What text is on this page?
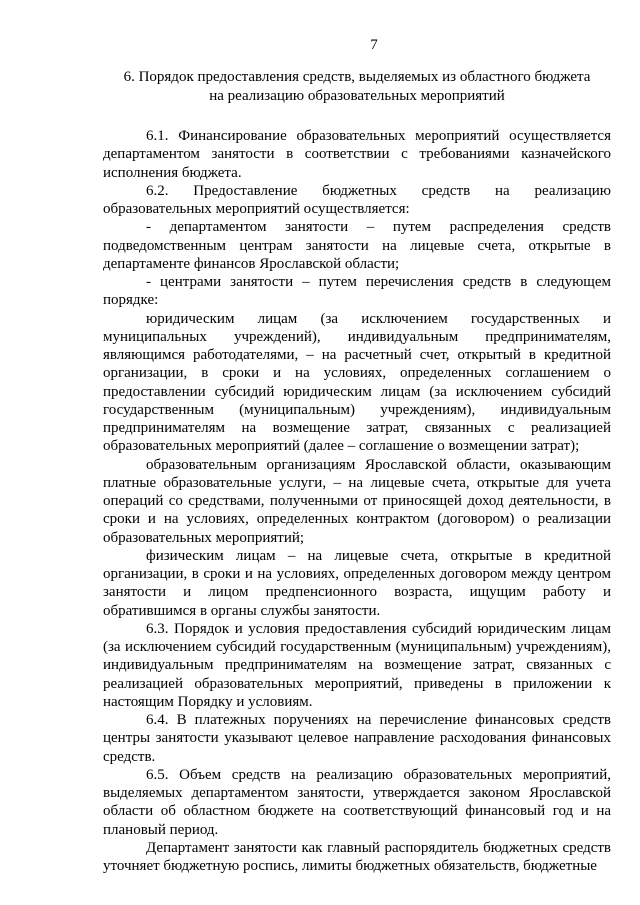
7
6. Порядок предоставления средств, выделяемых из областного бюджета
на реализацию образовательных мероприятий

6.1. Финансирование образовательных мероприятий осуществляется департаментом занятости в соответствии с требованиями казначейского исполнения бюджета.

6.2. Предоставление бюджетных средств на реализацию образовательных мероприятий осуществляется:

- департаментом занятости – путем распределения средств подведомственным центрам занятости на лицевые счета, открытые в департаменте финансов Ярославской области;

- центрами занятости – путем перечисления средств в следующем порядке:

юридическим лицам (за исключением государственных и муниципальных учреждений), индивидуальным предпринимателям, являющимся работодателями, – на расчетный счет, открытый в кредитной организации, в сроки и на условиях, определенных соглашением о предоставлении субсидий юридическим лицам (за исключением субсидий государственным (муниципальным) учреждениям), индивидуальным предпринимателям на возмещение затрат, связанных с реализацией образовательных мероприятий (далее – соглашение о возмещении затрат);

образовательным организациям Ярославской области, оказывающим платные образовательные услуги, – на лицевые счета, открытые для учета операций со средствами, полученными от приносящей доход деятельности, в сроки и на условиях, определенных контрактом (договором) о реализации образовательных мероприятий;

физическим лицам – на лицевые счета, открытые в кредитной организации, в сроки и на условиях, определенных договором между центром занятости и лицом предпенсионного возраста, ищущим работу и обратившимся в органы службы занятости.

6.3. Порядок и условия предоставления субсидий юридическим лицам (за исключением субсидий государственным (муниципальным) учреждениям), индивидуальным предпринимателям на возмещение затрат, связанных с реализацией образовательных мероприятий, приведены в приложении к настоящим Порядку и условиям.

6.4. В платежных поручениях на перечисление финансовых средств центры занятости указывают целевое направление расходования финансовых средств.

6.5. Объем средств на реализацию образовательных мероприятий, выделяемых департаментом занятости, утверждается законом Ярославской области об областном бюджете на соответствующий финансовый год и на плановый период.

Департамент занятости как главный распорядитель бюджетных средств уточняет бюджетную роспись, лимиты бюджетных обязательств, бюджетные
